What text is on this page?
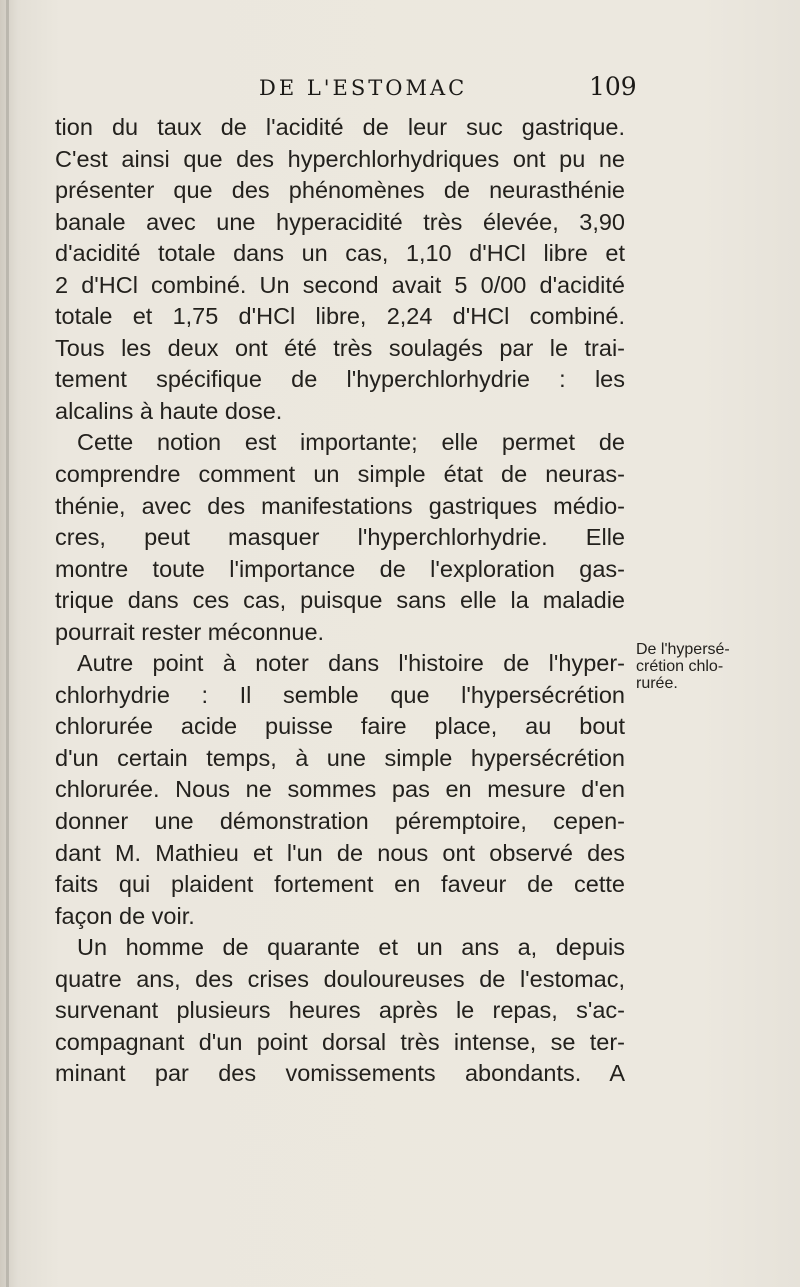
DE L'ESTOMAC	109
tion du taux de l'acidité de leur suc gastrique.
C'est ainsi que des hyperchlorhydriques ont pu ne
présenter que des phénomènes de neurasthénie
banale avec une hyperacidité très élevée, 3,90
d'acidité totale dans un cas, 1,10 d'HCl libre et
2 d'HCl combiné. Un second avait 5 0/00 d'acidité
totale et 1,75 d'HCl libre, 2,24 d'HCl combiné.
Tous les deux ont été très soulagés par le trai-
tement spécifique de l'hyperchlorhydrie : les
alcalins à haute dose.
Cette notion est importante; elle permet de
comprendre comment un simple état de neuras-
thénie, avec des manifestations gastriques médio-
cres, peut masquer l'hyperchlorhydrie. Elle
montre toute l'importance de l'exploration gas-
trique dans ces cas, puisque sans elle la maladie
pourrait rester méconnue.
Autre point à noter dans l'histoire de l'hyper-
chlorhydrie : Il semble que l'hypersécrétion
chlorurée acide puisse faire place, au bout
d'un certain temps, à une simple hypersécrétion
chlorurée. Nous ne sommes pas en mesure d'en
donner une démonstration péremptoire, cepen-
dant M. Mathieu et l'un de nous ont observé des
faits qui plaident fortement en faveur de cette
façon de voir.
Un homme de quarante et un ans a, depuis
quatre ans, des crises douloureuses de l'estomac,
survenant plusieurs heures après le repas, s'ac-
compagnant d'un point dorsal très intense, se ter-
minant par des vomissements abondants. A
De l'hypersé-
crétion chlo-
rurée.
